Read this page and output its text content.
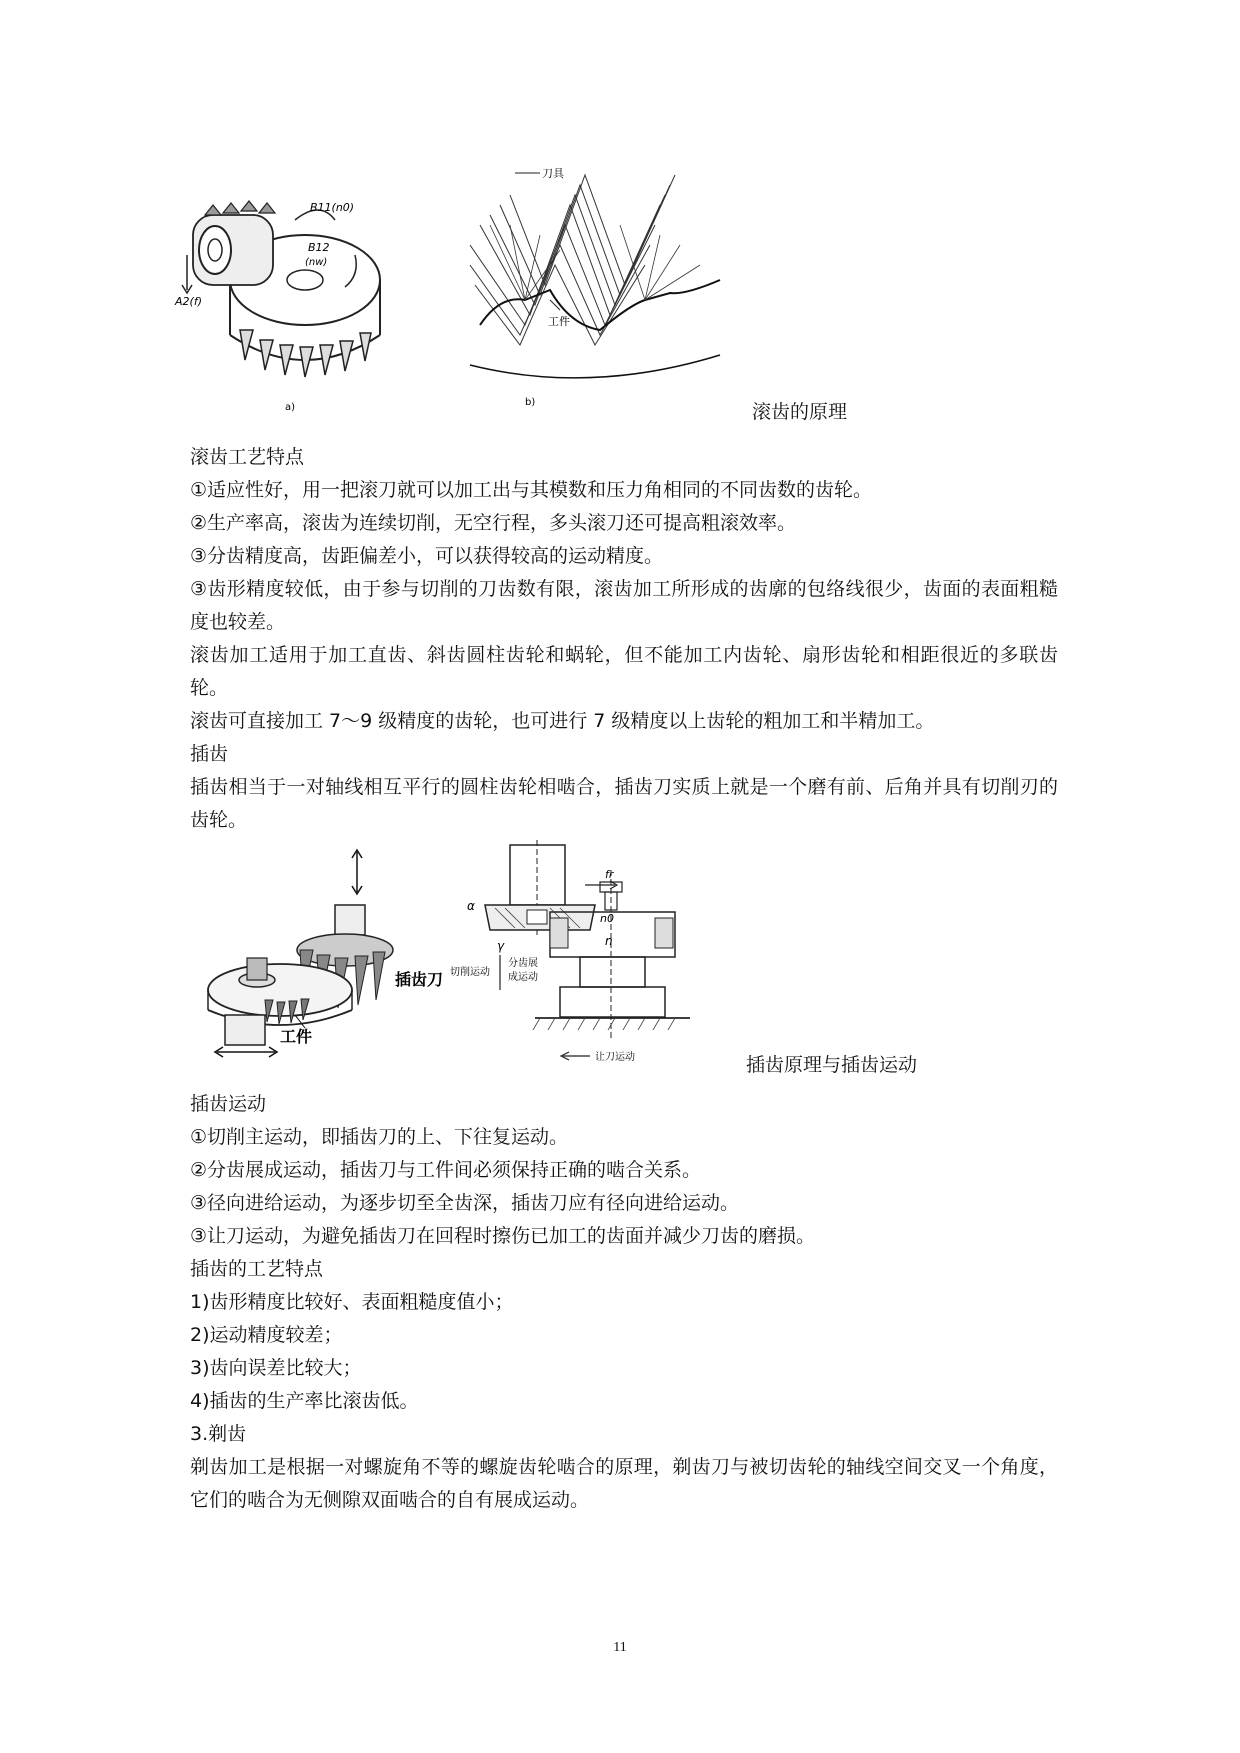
B11(n0)
B12
(nw)
A2(f)
a)
刀具
工件
b)	滚齿的原理

滚齿工艺特点

①适应性好，用一把滚刀就可以加工出与其模数和压力角相同的不同齿数的齿轮。

②生产率高，滚齿为连续切削，无空行程，多头滚刀还可提高粗滚效率。

③分齿精度高，齿距偏差小，可以获得较高的运动精度。

③齿形精度较低，由于参与切削的刀齿数有限，滚齿加工所形成的齿廓的包络线很少，齿面的表面粗糙度也较差。

滚齿加工适用于加工直齿、斜齿圆柱齿轮和蜗轮，但不能加工内齿轮、扇形齿轮和相距很近的多联齿轮。

滚齿可直接加工 7～9 级精度的齿轮，也可进行 7 级精度以上齿轮的粗加工和半精加工。

插齿

插齿相当于一对轴线相互平行的圆柱齿轮相啮合，插齿刀实质上就是一个磨有前、后角并具有切削刃的齿轮。

工件
插齿刀
fr
α
γ
n0
切削运动
分齿展
成运动
n
让刀运动	插齿原理与插齿运动

插齿运动

①切削主运动，即插齿刀的上、下往复运动。

②分齿展成运动，插齿刀与工件间必须保持正确的啮合关系。

③径向进给运动，为逐步切至全齿深，插齿刀应有径向进给运动。

③让刀运动，为避免插齿刀在回程时擦伤已加工的齿面并减少刀齿的磨损。

插齿的工艺特点

1)齿形精度比较好、表面粗糙度值小；

2)运动精度较差；

3)齿向误差比较大；

4)插齿的生产率比滚齿低。

3.剃齿

剃齿加工是根据一对螺旋角不等的螺旋齿轮啮合的原理，剃齿刀与被切齿轮的轴线空间交叉一个角度，它们的啮合为无侧隙双面啮合的自有展成运动。

11
